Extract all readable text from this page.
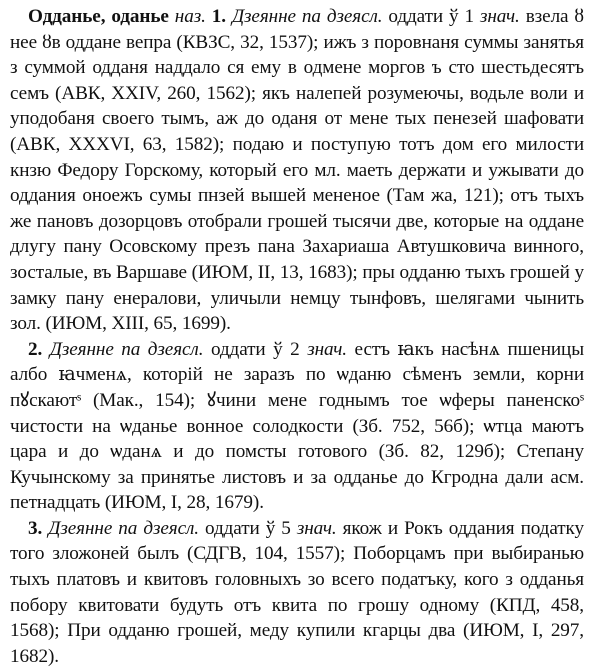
Одданье, оданье наз. 1. Дзеянне па дзеясл. оддати ў 1 знач. взела ȣ нее ȣв оддане вепра (КВЗС, 32, 1537); ижъ з поровнаня суммы занятья з суммой одданя наддало ся ему в одмене моргов ъ сто шестьдесятъ семъ (АВК, XXIV, 260, 1562); якъ налепей розумеючы, водьле воли и уподобаня своего тымъ, аж до оданя от мене тых пенезей шафовати (АВК, XXXVI, 63, 1582); подаю и поступую тотъ дом его милости кнзю Федору Горскому, который его мл. маеть держати и ужывати до оддания онoежъ сумы пнзей вышей мененое (Там жа, 121); отъ тыхъ же пановъ дозорцовъ отобрали грошей тысячи две, которые на оддане длугу пану Осовскому презъ пана Захариаша Автушковича винного, зосталые, въ Варшаве (ИЮМ, II, 13, 1683); пры одданю тыхъ грошей у замку пану енералови, уличыли немцу тынфовъ, шелягами чынить зол. (ИЮМ, XIII, 65, 1699).

2. Дзеянне па дзеясл. оддати ў 2 знач. естъ ꙗкъ насѣнѧ пшеницы албо ꙗчменѧ, которій не заразъ по ѡданю сѣменъ земли, корни пꙋскаютˢ (Мак., 154); ꙋчини мене годнымъ тое ѡферы паненскоˢ чистости на ѡданье вонное солодкости (Зб. 752, 56б); ѡтца маютъ цара и до ѡданѧ и до помсты готового (Зб. 82, 129б); Степану Кучынскому за принятье листовъ и за одданье до Кгродна дали асм. петнадцать (ИЮМ, I, 28, 1679).

3. Дзеянне па дзеясл. оддати ў 5 знач. якож и Рокъ оддания податку того зложоней былъ (СДГВ, 104, 1557); Поборцамъ при выбиранью тыхъ платовъ и квитовъ головныхъ зо всего податъку, кого з одданья побору квитовати будуть отъ квита по грошу одному (КПД, 458, 1568); При одданю грошей, меду купили кгарцы два (ИЮМ, I, 297, 1682).
